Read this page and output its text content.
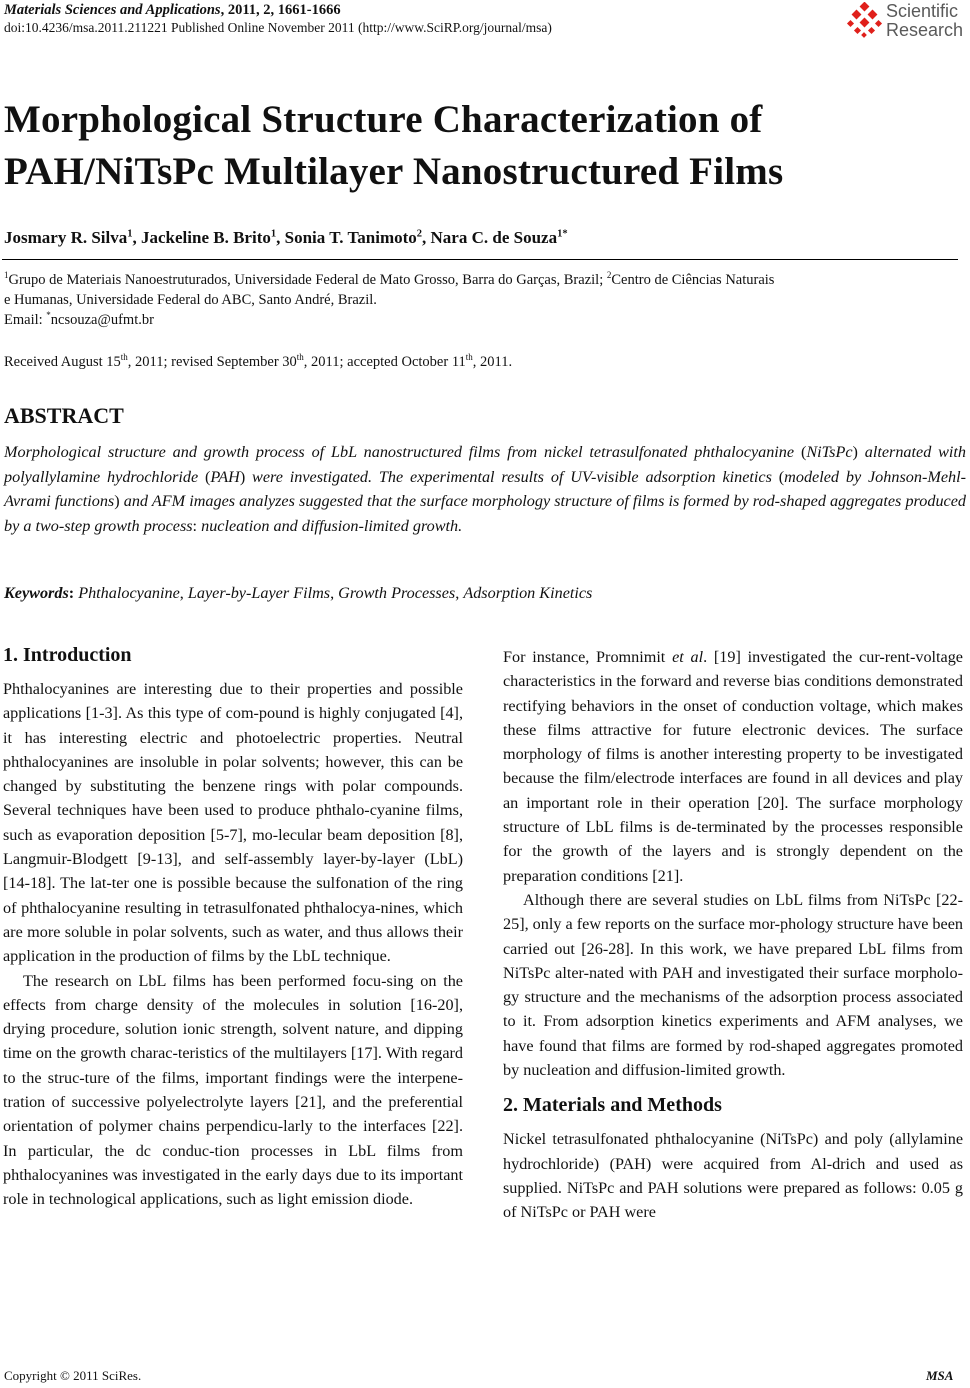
Materials Sciences and Applications, 2011, 2, 1661-1666
doi:10.4236/msa.2011.211221 Published Online November 2011 (http://www.SciRP.org/journal/msa)
Scientific
Research
Morphological Structure Characterization of
PAH/NiTsPc Multilayer Nanostructured Films
Josmary R. Silva$^1$, Jackeline B. Brito$^1$, Sonia T. Tanimoto$^2$, Nara C. de Souza$^{1*}$
$^1$Grupo de Materiais Nanoestruturados, Universidade Federal de Mato Grosso, Barra do Garças, Brazil; $^2$Centro de Ciências Naturais
e Humanas, Universidade Federal do ABC, Santo André, Brazil.
Email: *ncsouza@ufmt.br
Received August 15th, 2011; revised September 30th, 2011; accepted October 11th, 2011.
ABSTRACT
Morphological structure and growth process of LbL nanostructured films from nickel tetrasulfonated phthalocyanine (NiTsPc) alternated with polyallylamine hydrochloride (PAH) were investigated. The experimental results of UV-visible adsorption kinetics (modeled by Johnson-Mehl-Avrami functions) and AFM images analyzes suggested that the surface morphology structure of films is formed by rod-shaped aggregates produced by a two-step growth process: nucleation and diffusion-limited growth.
Keywords: Phthalocyanine, Layer-by-Layer Films, Growth Processes, Adsorption Kinetics
1. Introduction

Phthalocyanines are interesting due to their properties and possible applications [1-3]. As this type of com-pound is highly conjugated [4], it has interesting electric and photoelectric properties. Neutral phthalocyanines are insoluble in polar solvents; however, this can be changed by substituting the benzene rings with polar compounds. Several techniques have been used to produce phthalo-cyanine films, such as evaporation deposition [5-7], mo-lecular beam deposition [8], Langmuir-Blodgett [9-13], and self-assembly layer-by-layer (LbL) [14-18]. The lat-ter one is possible because the sulfonation of the ring of phthalocyanine resulting in tetrasulfonated phthalocya-nines, which are more soluble in polar solvents, such as water, and thus allows their application in the production of films by the LbL technique.

The research on LbL films has been performed focu-sing on the effects from charge density of the molecules in solution [16-20], drying procedure, solution ionic strength, solvent nature, and dipping time on the growth charac-teristics of the multilayers [17]. With regard to the struc-ture of the films, important findings were the interpene-tration of successive polyelectrolyte layers [21], and the preferential orientation of polymer chains perpendicu-larly to the interfaces [22]. In particular, the dc conduc-tion processes in LbL films from phthalocyanines was investigated in the early days due to its important role in technological applications, such as light emission diode.

For instance, Promnimit et al. [19] investigated the cur-rent-voltage characteristics in the forward and reverse bias conditions demonstrated rectifying behaviors in the onset of conduction voltage, which makes these films attractive for future electronic devices. The surface morphology of films is another interesting property to be investigated because the film/electrode interfaces are found in all devices and play an important role in their operation [20]. The surface morphology structure of LbL films is de-terminated by the processes responsible for the growth of the layers and is strongly dependent on the preparation conditions [21].

Although there are several studies on LbL films from NiTsPc [22-25], only a few reports on the surface mor-phology structure have been carried out [26-28]. In this work, we have prepared LbL films from NiTsPc alter-nated with PAH and investigated their surface morpholo-gy structure and the mechanisms of the adsorption process associated to it. From adsorption kinetics experiments and AFM analyses, we have found that films are formed by rod-shaped aggregates promoted by nucleation and diffusion-limited growth.

2. Materials and Methods

Nickel tetrasulfonated phthalocyanine (NiTsPc) and poly (allylamine hydrochloride) (PAH) were acquired from Al-drich and used as supplied. NiTsPc and PAH solutions were prepared as follows: 0.05 g of NiTsPc or PAH were

Copyright © 2011 SciRes.	MSA
